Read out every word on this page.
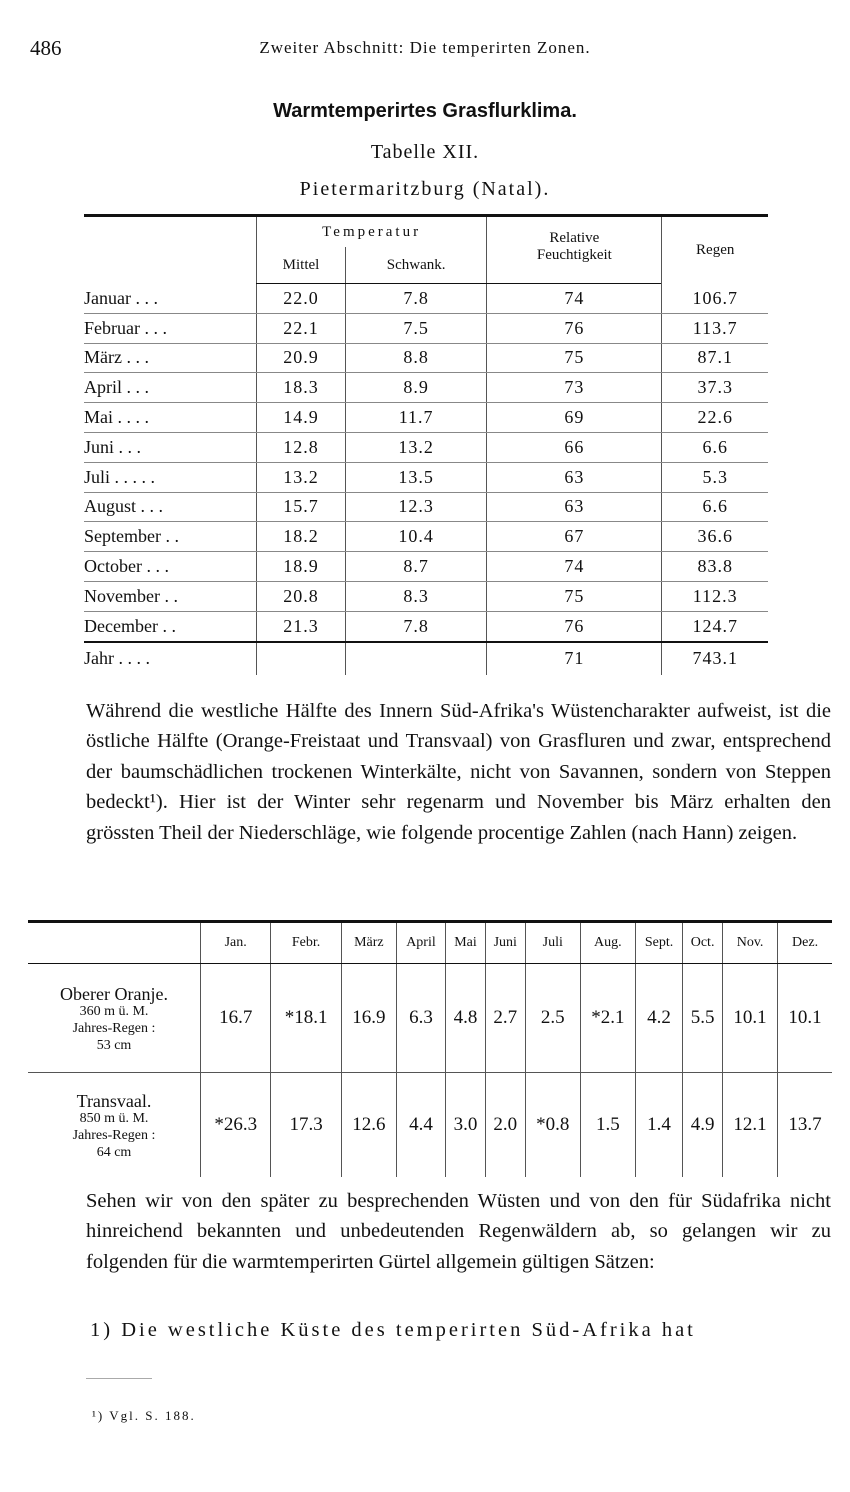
486	Zweiter Abschnitt: Die temperirten Zonen.
Warmtemperirtes Grasflurklima.
Tabelle XII.
Pietermaritzburg (Natal).
	Temperatur		Relative	Regen
	Mittel	Schwank.	Feuchtigkeit	
Januar . . .	22.0	7.8	74	106.7
Februar . . .	22.1	7.5	76	113.7
März . . .	20.9	8.8	75	87.1
April . . .	18.3	8.9	73	37.3
Mai . . . .	14.9	11.7	69	22.6
Juni . . .	12.8	13.2	66	6.6
Juli . . . . .	13.2	13.5	63	5.3
August . . .	15.7	12.3	63	6.6
September . .	18.2	10.4	67	36.6
October . . .	18.9	8.7	74	83.8
November . .	20.8	8.3	75	112.3
December . .	21.3	7.8	76	124.7
Jahr . . . .			71	743.1

Während die westliche Hälfte des Innern Süd-Afrika's Wüstencharakter aufweist, ist die östliche Hälfte (Orange-Freistaat und Transvaal) von Grasfluren und zwar, entsprechend der baumschädlichen trockenen Winterkälte, nicht von Savannen, sondern von Steppen bedeckt¹). Hier ist der Winter sehr regenarm und November bis März erhalten den grössten Theil der Niederschläge, wie folgende procentige Zahlen (nach Hann) zeigen.

	Jan.	Febr.	März	April	Mai	Juni	Juli	Aug.	Sept.	Oct.	Nov.	Dez.

Oberer Oranje.
360 m ü. M.
Jahres-Regen :
53 cm	16.7	*18.1	16.9	6.3	4.8	2.7	2.5	*2.1	4.2	5.5	10.1	10.1

Transvaal.
850 m ü. M.
Jahres-Regen :
64 cm	*26.3	17.3	12.6	4.4	3.0	2.0	*0.8	1.5	1.4	4.9	12.1	13.7

Sehen wir von den später zu besprechenden Wüsten und von den für Südafrika nicht hinreichend bekannten und unbedeutenden Regenwäldern ab, so gelangen wir zu folgenden für die warmtemperirten Gürtel allgemein gültigen Sätzen:

1) Die westliche Küste des temperirten Süd-Afrika hat
¹) Vgl. S. 188.
